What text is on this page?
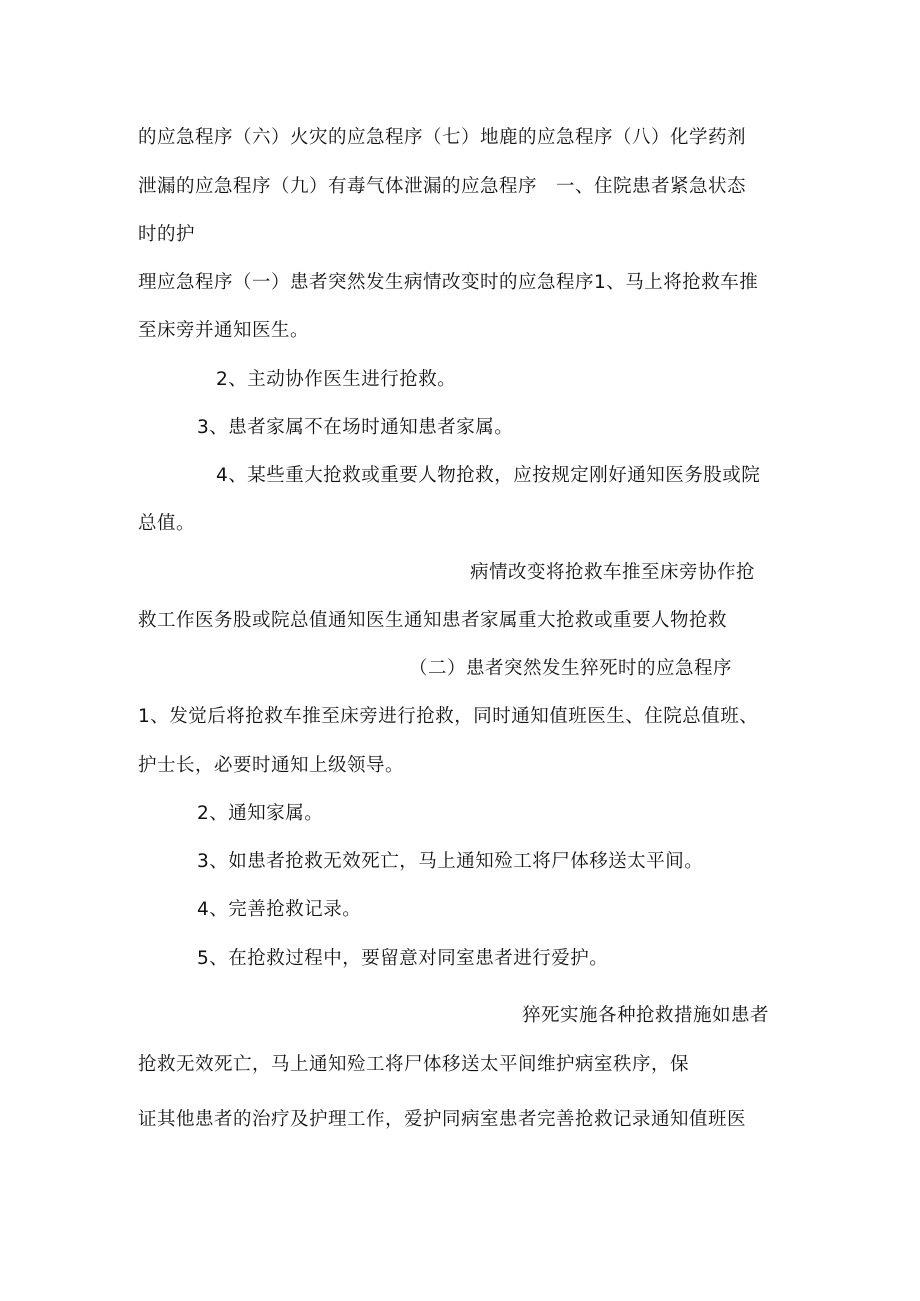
的应急程序（六）火灾的应急程序（七）地鹿的应急程序（八）化学药剂

泄漏的应急程序（九）有毒气体泄漏的应急程序　一、住院患者紧急状态

时的护

理应急程序（一）患者突然发生病情改变时的应急程序1、马上将抢救车推

至床旁并通知医生。

2、主动协作医生进行抢救。

3、患者家属不在场时通知患者家属。

4、某些重大抢救或重要人物抢救，应按规定刚好通知医务股或院

总值。

病情改变将抢救车推至床旁协作抢

救工作医务股或院总值通知医生通知患者家属重大抢救或重要人物抢救

（二）患者突然发生猝死时的应急程序

1、发觉后将抢救车推至床旁进行抢救，同时通知值班医生、住院总值班、

护士长，必要时通知上级领导。

2、通知家属。

3、如患者抢救无效死亡，马上通知殓工将尸体移送太平间。

4、完善抢救记录。

5、在抢救过程中，要留意对同室患者进行爱护。

猝死实施各种抢救措施如患者

抢救无效死亡，马上通知殓工将尸体移送太平间维护病室秩序，保

证其他患者的治疗及护理工作，爱护同病室患者完善抢救记录通知值班医
